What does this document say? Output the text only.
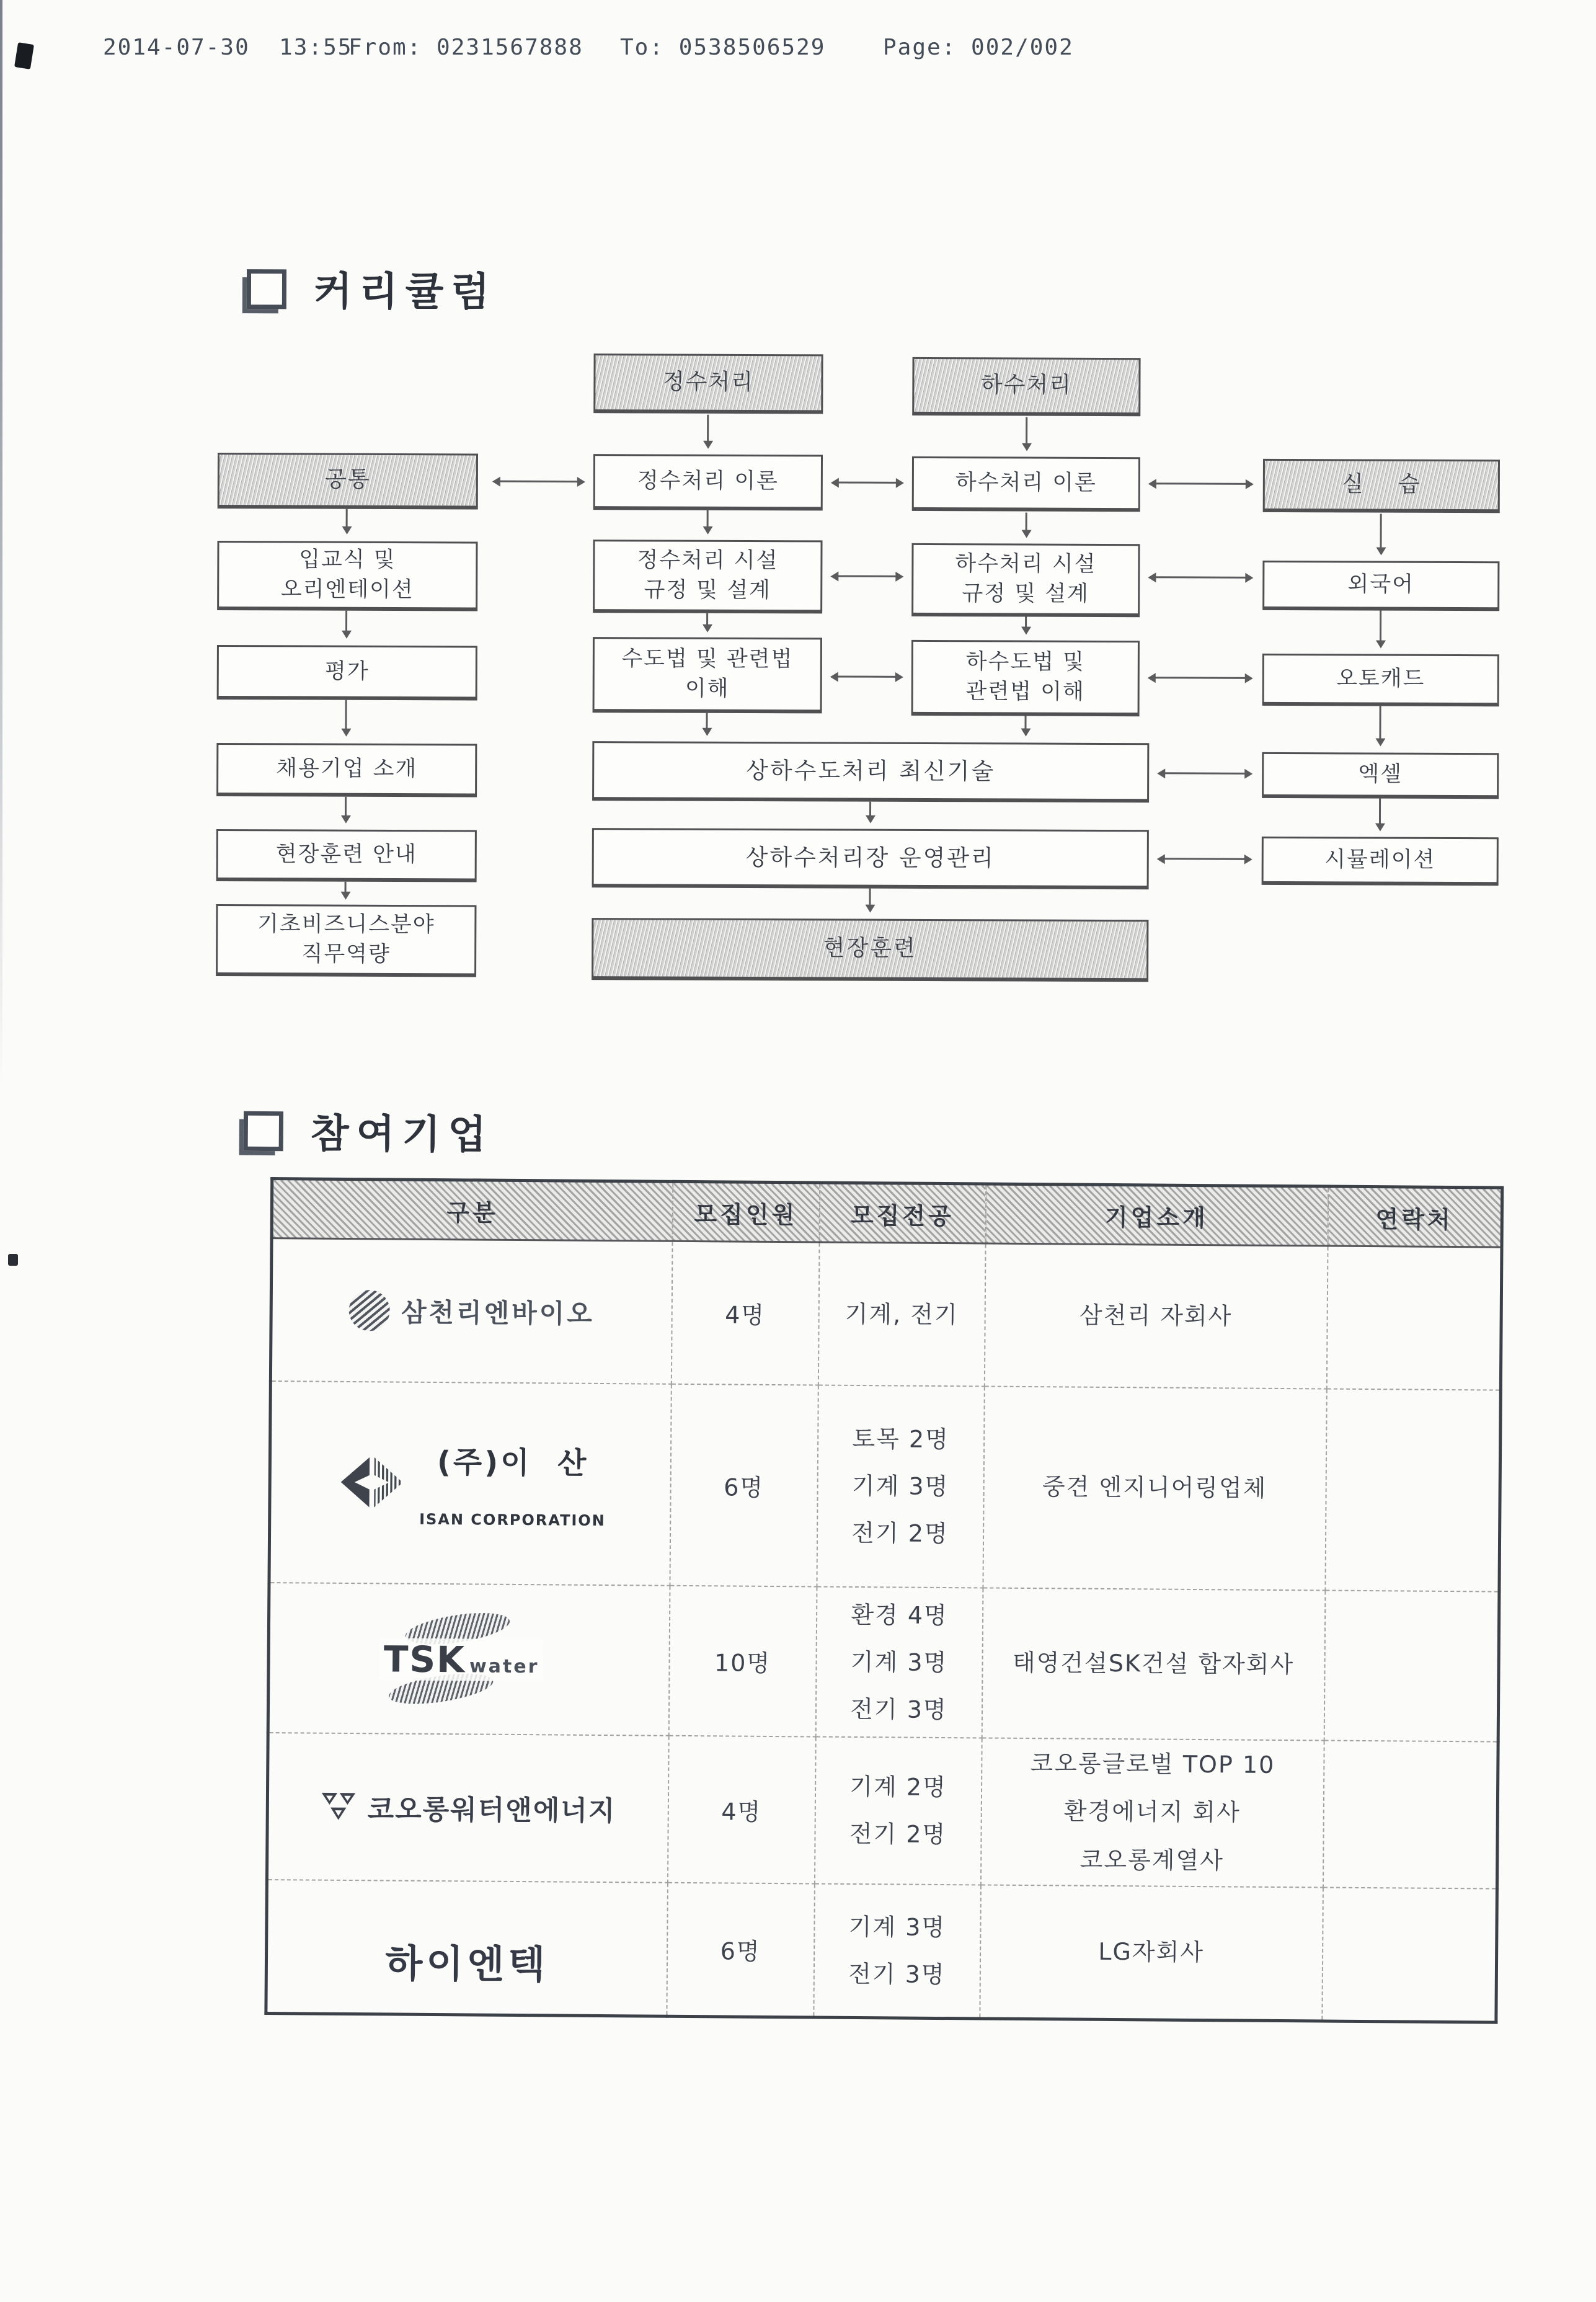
2014-07-30  13:55
From: 0231567888 To: 0538506529	Page: 002/002
커리큘럼
정수처리	하수처리
공통	정수처리 이론	하수처리 이론	실    습
입교식 및
오리엔테이션
정수처리 시설
규정 및 설계
하수처리 시설
규정 및 설계	외국어
평가	수도법 및 관련법
이해
하수도법 및
관련법 이해
오토캐드
채용기업 소개	상하수도처리 최신기술	엑셀
현장훈련 안내	상하수처리장 운영관리	시뮬레이션
기초비즈니스분야
직무역량	현장훈련
참여기업
구분	모집인원	모집전공	기업소개	연락처

삼천리엔바이오	4명	기계, 전기	삼천리 자회사	

(주)이  산

ISAN CORPORATION

	6명	토목 2명
기계 3명
전기 2명	중견 엔지니어링업체	

TSK water	10명	환경 4명
기계 3명
전기 3명	태영건설SK건설 합자회사	

코오롱워터앤에너지	4명	기계 2명
전기 2명	코오롱글로벌 TOP 10
환경에너지 회사
코오롱계열사	

하이엔텍	6명	기계 3명
전기 3명	LG자회사	
